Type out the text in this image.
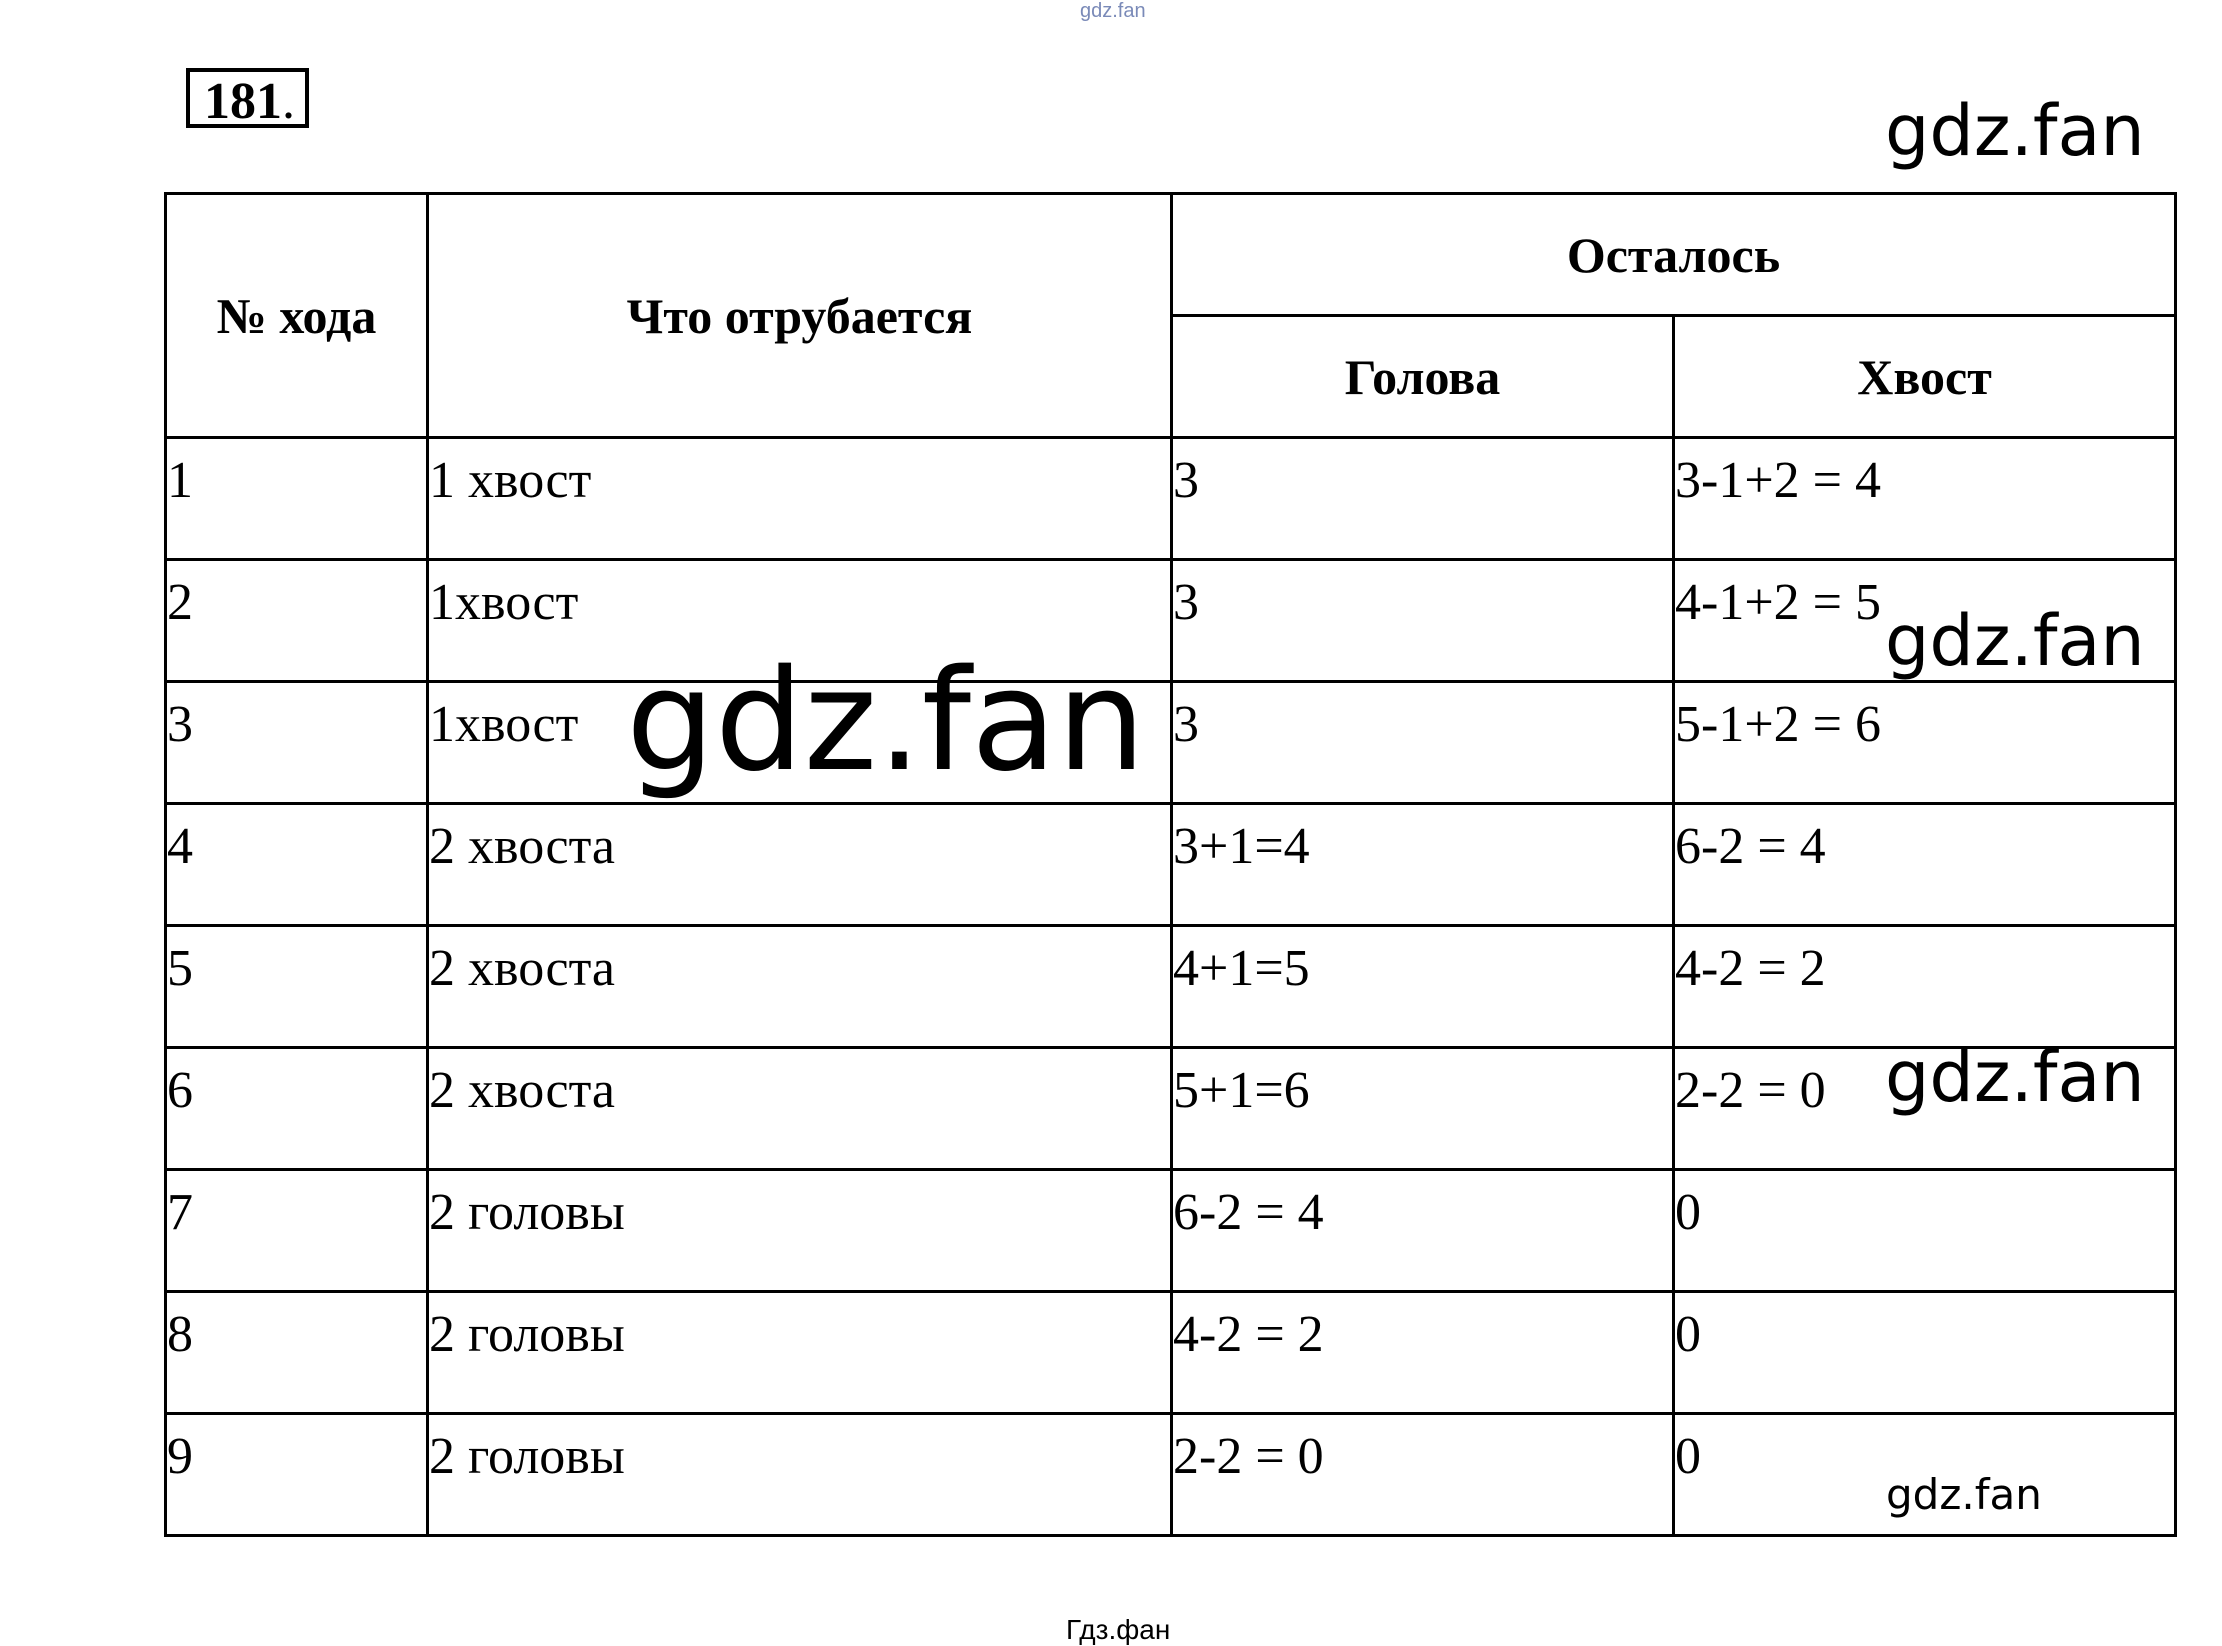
gdz.fan
181.	gdz.fan
№ хода	Что отрубается	Осталось	
		Голова	Хвост
1	1 хвост	3	3-1+2 = 4
2	1хвост	3	4-1+2 = 5
3	1хвост	3	5-1+2 = 6
4	2 хвоста	3+1=4	6-2 = 4
5	2 хвоста	4+1=5	4-2 = 2
6	2 хвоста	5+1=6	2-2 = 0
7	2 головы	6-2 = 4	0
8	2 головы	4-2 = 2	0
9	2 головы	2-2 = 0	0
gdz.fan
gdz.fan
gdz.fan
gdz.fan
Гдз.фан
